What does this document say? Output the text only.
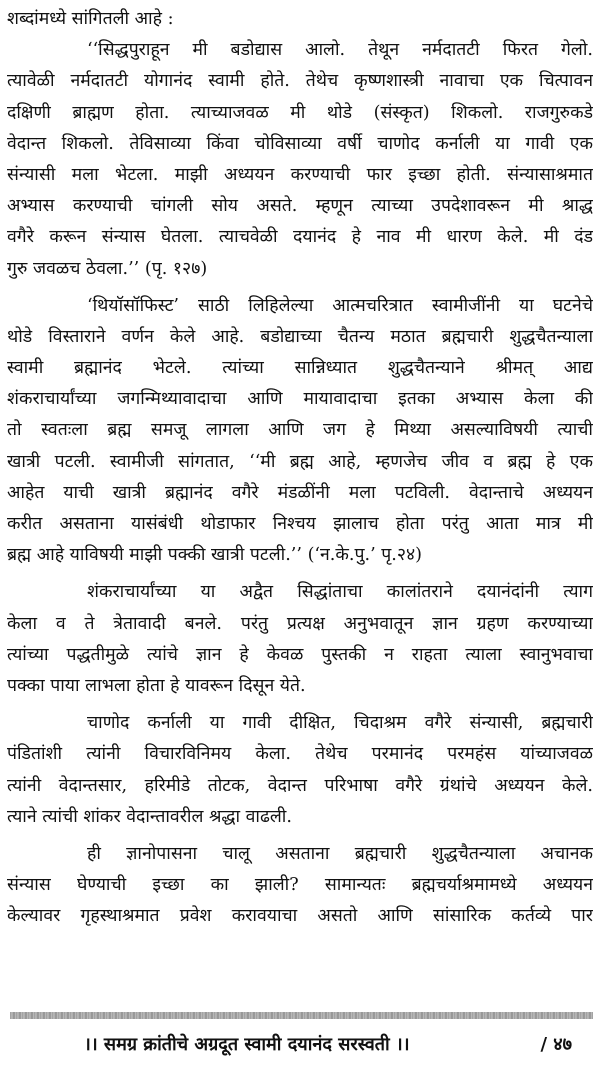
शब्दांमध्ये सांगितली आहे :
‘‘सिद्धपुराहून मी बडोद्यास आलो. तेथून नर्मदातटी फिरत गेलो.
त्यावेळी नर्मदातटी योगानंद स्वामी होते. तेथेच कृष्णशास्त्री नावाचा एक चित्पावन
दक्षिणी ब्राह्मण होता. त्याच्याजवळ मी थोडे (संस्कृत) शिकलो. राजगुरुकडे
वेदान्त शिकलो. तेविसाव्या किंवा चोविसाव्या वर्षी चाणोद कर्नाली या गावी एक
संन्यासी मला भेटला. माझी अध्ययन करण्याची फार इच्छा होती. संन्यासाश्रमात
अभ्यास करण्याची चांगली सोय असते. म्हणून त्याच्या उपदेशावरून मी श्राद्ध
वगैरे करून संन्यास घेतला. त्याचवेळी दयानंद हे नाव मी धारण केले. मी दंड
गुरु जवळच ठेवला.’’ (पृ. १२७)
‘थियॉसॉफिस्ट’ साठी लिहिलेल्या आत्मचरित्रात स्वामीजींनी या घटनेचे
थोडे विस्ताराने वर्णन केले आहे. बडोद्याच्या चैतन्य मठात ब्रह्मचारी शुद्धचैतन्याला
स्वामी ब्रह्मानंद भेटले. त्यांच्या सान्निध्यात शुद्धचैतन्याने श्रीमत् आद्य
शंकराचार्यांच्या जगन्मिथ्यावादाचा आणि मायावादाचा इतका अभ्यास केला की
तो स्वतःला ब्रह्म समजू लागला आणि जग हे मिथ्या असल्याविषयी त्याची
खात्री पटली. स्वामीजी सांगतात, ‘‘मी ब्रह्म आहे, म्हणजेच जीव व ब्रह्म हे एक
आहेत याची खात्री ब्रह्मानंद वगैरे मंडळींनी मला पटविली. वेदान्ताचे अध्ययन
करीत असताना यासंबंधी थोडाफार निश्चय झालाच होता परंतु आता मात्र मी
ब्रह्म आहे याविषयी माझी पक्की खात्री पटली.’’ (‘न.के.पु.’ पृ.२४)
शंकराचार्यांच्या या अद्वैत सिद्धांताचा कालांतराने दयानंदांनी त्याग
केला व ते त्रेतावादी बनले. परंतु प्रत्यक्ष अनुभवातून ज्ञान ग्रहण करण्याच्या
त्यांच्या पद्धतीमुळे त्यांचे ज्ञान हे केवळ पुस्तकी न राहता त्याला स्वानुभवाचा
पक्का पाया लाभला होता हे यावरून दिसून येते.
चाणोद कर्नाली या गावी दीक्षित, चिदाश्रम वगैरे संन्यासी, ब्रह्मचारी
पंडितांशी त्यांनी विचारविनिमय केला. तेथेच परमानंद परमहंस यांच्याजवळ
त्यांनी वेदान्तसार, हरिमीडे तोटक, वेदान्त परिभाषा वगैरे ग्रंथांचे अध्ययन केले.
त्याने त्यांची शांकर वेदान्तावरील श्रद्धा वाढली.
ही ज्ञानोपासना चालू असताना ब्रह्मचारी शुद्धचैतन्याला अचानक
संन्यास घेण्याची इच्छा का झाली? सामान्यतः ब्रह्मचर्याश्रमामध्ये अध्ययन
केल्यावर गृहस्थाश्रमात प्रवेश करावयाचा असतो आणि सांसारिक कर्तव्ये पार
।। समग्र क्रांतीचे अग्रदूत स्वामी दयानंद सरस्वती ।।	/ ४७
